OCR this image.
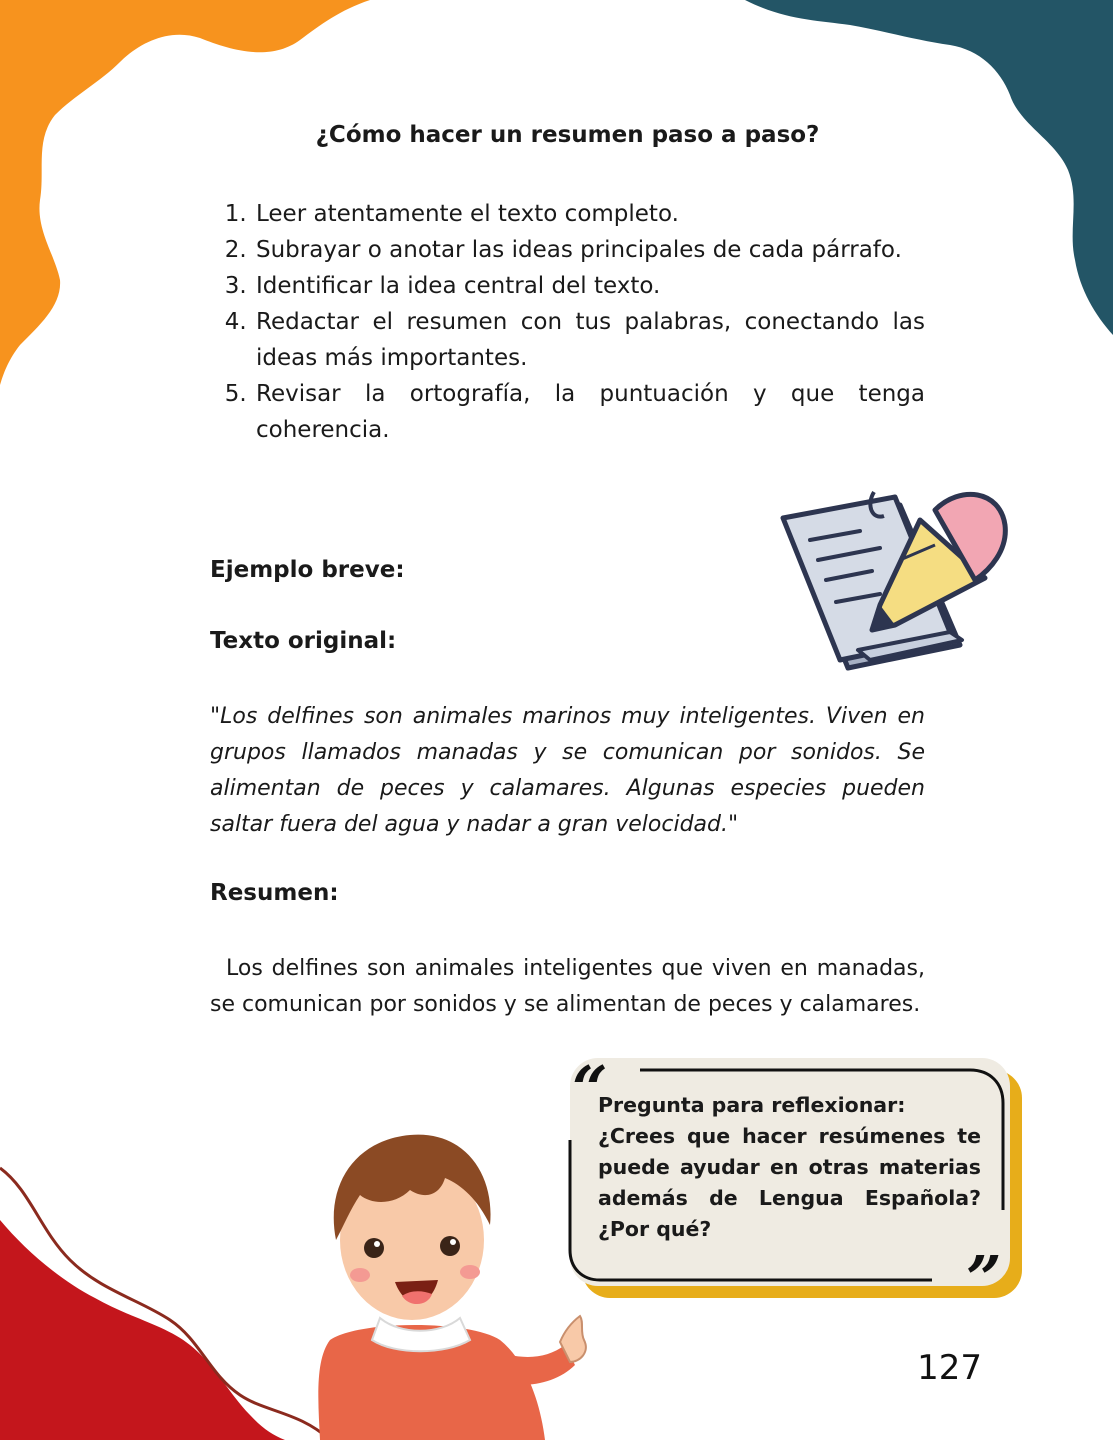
¿Cómo hacer un resumen paso a paso?
1. Leer atentamente el texto completo.
2. Subrayar o anotar las ideas principales de cada párrafo.
3. Identificar la idea central del texto.
4. Redactar el resumen con tus palabras, conectando las ideas más importantes.
5. Revisar la ortografía, la puntuación y que tenga coherencia.
Ejemplo breve:
Texto original:

"Los delfines son animales marinos muy inteligentes. Viven en grupos llamados manadas y se comunican por sonidos. Se alimentan de peces y calamares. Algunas especies pueden saltar fuera del agua y nadar a gran velocidad."

Resumen:

Los delfines son animales inteligentes que viven en manadas, se comunican por sonidos y se alimentan de peces y calamares.

“
”

Pregunta para reflexionar:
¿Crees que hacer resúmenes te puede ayudar en otras materias además de Lengua Española? ¿Por qué?

127
